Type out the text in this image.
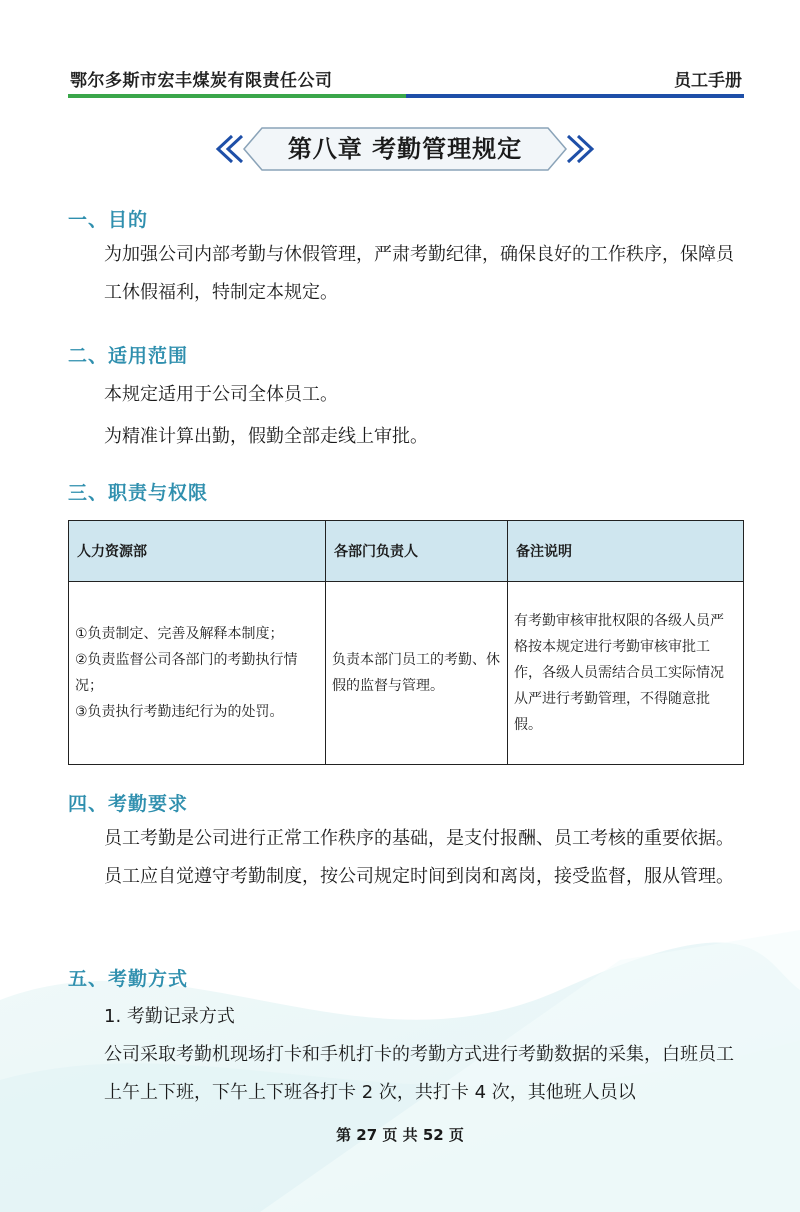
鄂尔多斯市宏丰煤炭有限责任公司	员工手册
第八章 考勤管理规定
一、目的
为加强公司内部考勤与休假管理，严肃考勤纪律，确保良好的工作秩序，保障员工休假福利，特制定本规定。
二、适用范围
本规定适用于公司全体员工。
为精准计算出勤，假勤全部走线上审批。
三、职责与权限
人力资源部	各部门负责人	备注说明

①负责制定、完善及解释本制度；
②负责监督公司各部门的考勤执行情况；
③负责执行考勤违纪行为的处罚。	负责本部门员工的考勤、休假的监督与管理。	有考勤审核审批权限的各级人员严格按本规定进行考勤审核审批工作，各级人员需结合员工实际情况从严进行考勤管理，不得随意批假。
四、考勤要求
员工考勤是公司进行正常工作秩序的基础，是支付报酬、员工考核的重要依据。员工应自觉遵守考勤制度，按公司规定时间到岗和离岗，接受监督，服从管理。
五、考勤方式
1. 考勤记录方式
公司采取考勤机现场打卡和手机打卡的考勤方式进行考勤数据的采集，白班员工上午上下班，下午上下班各打卡 2 次，共打卡 4 次，其他班人员以
第 27 页 共 52 页
